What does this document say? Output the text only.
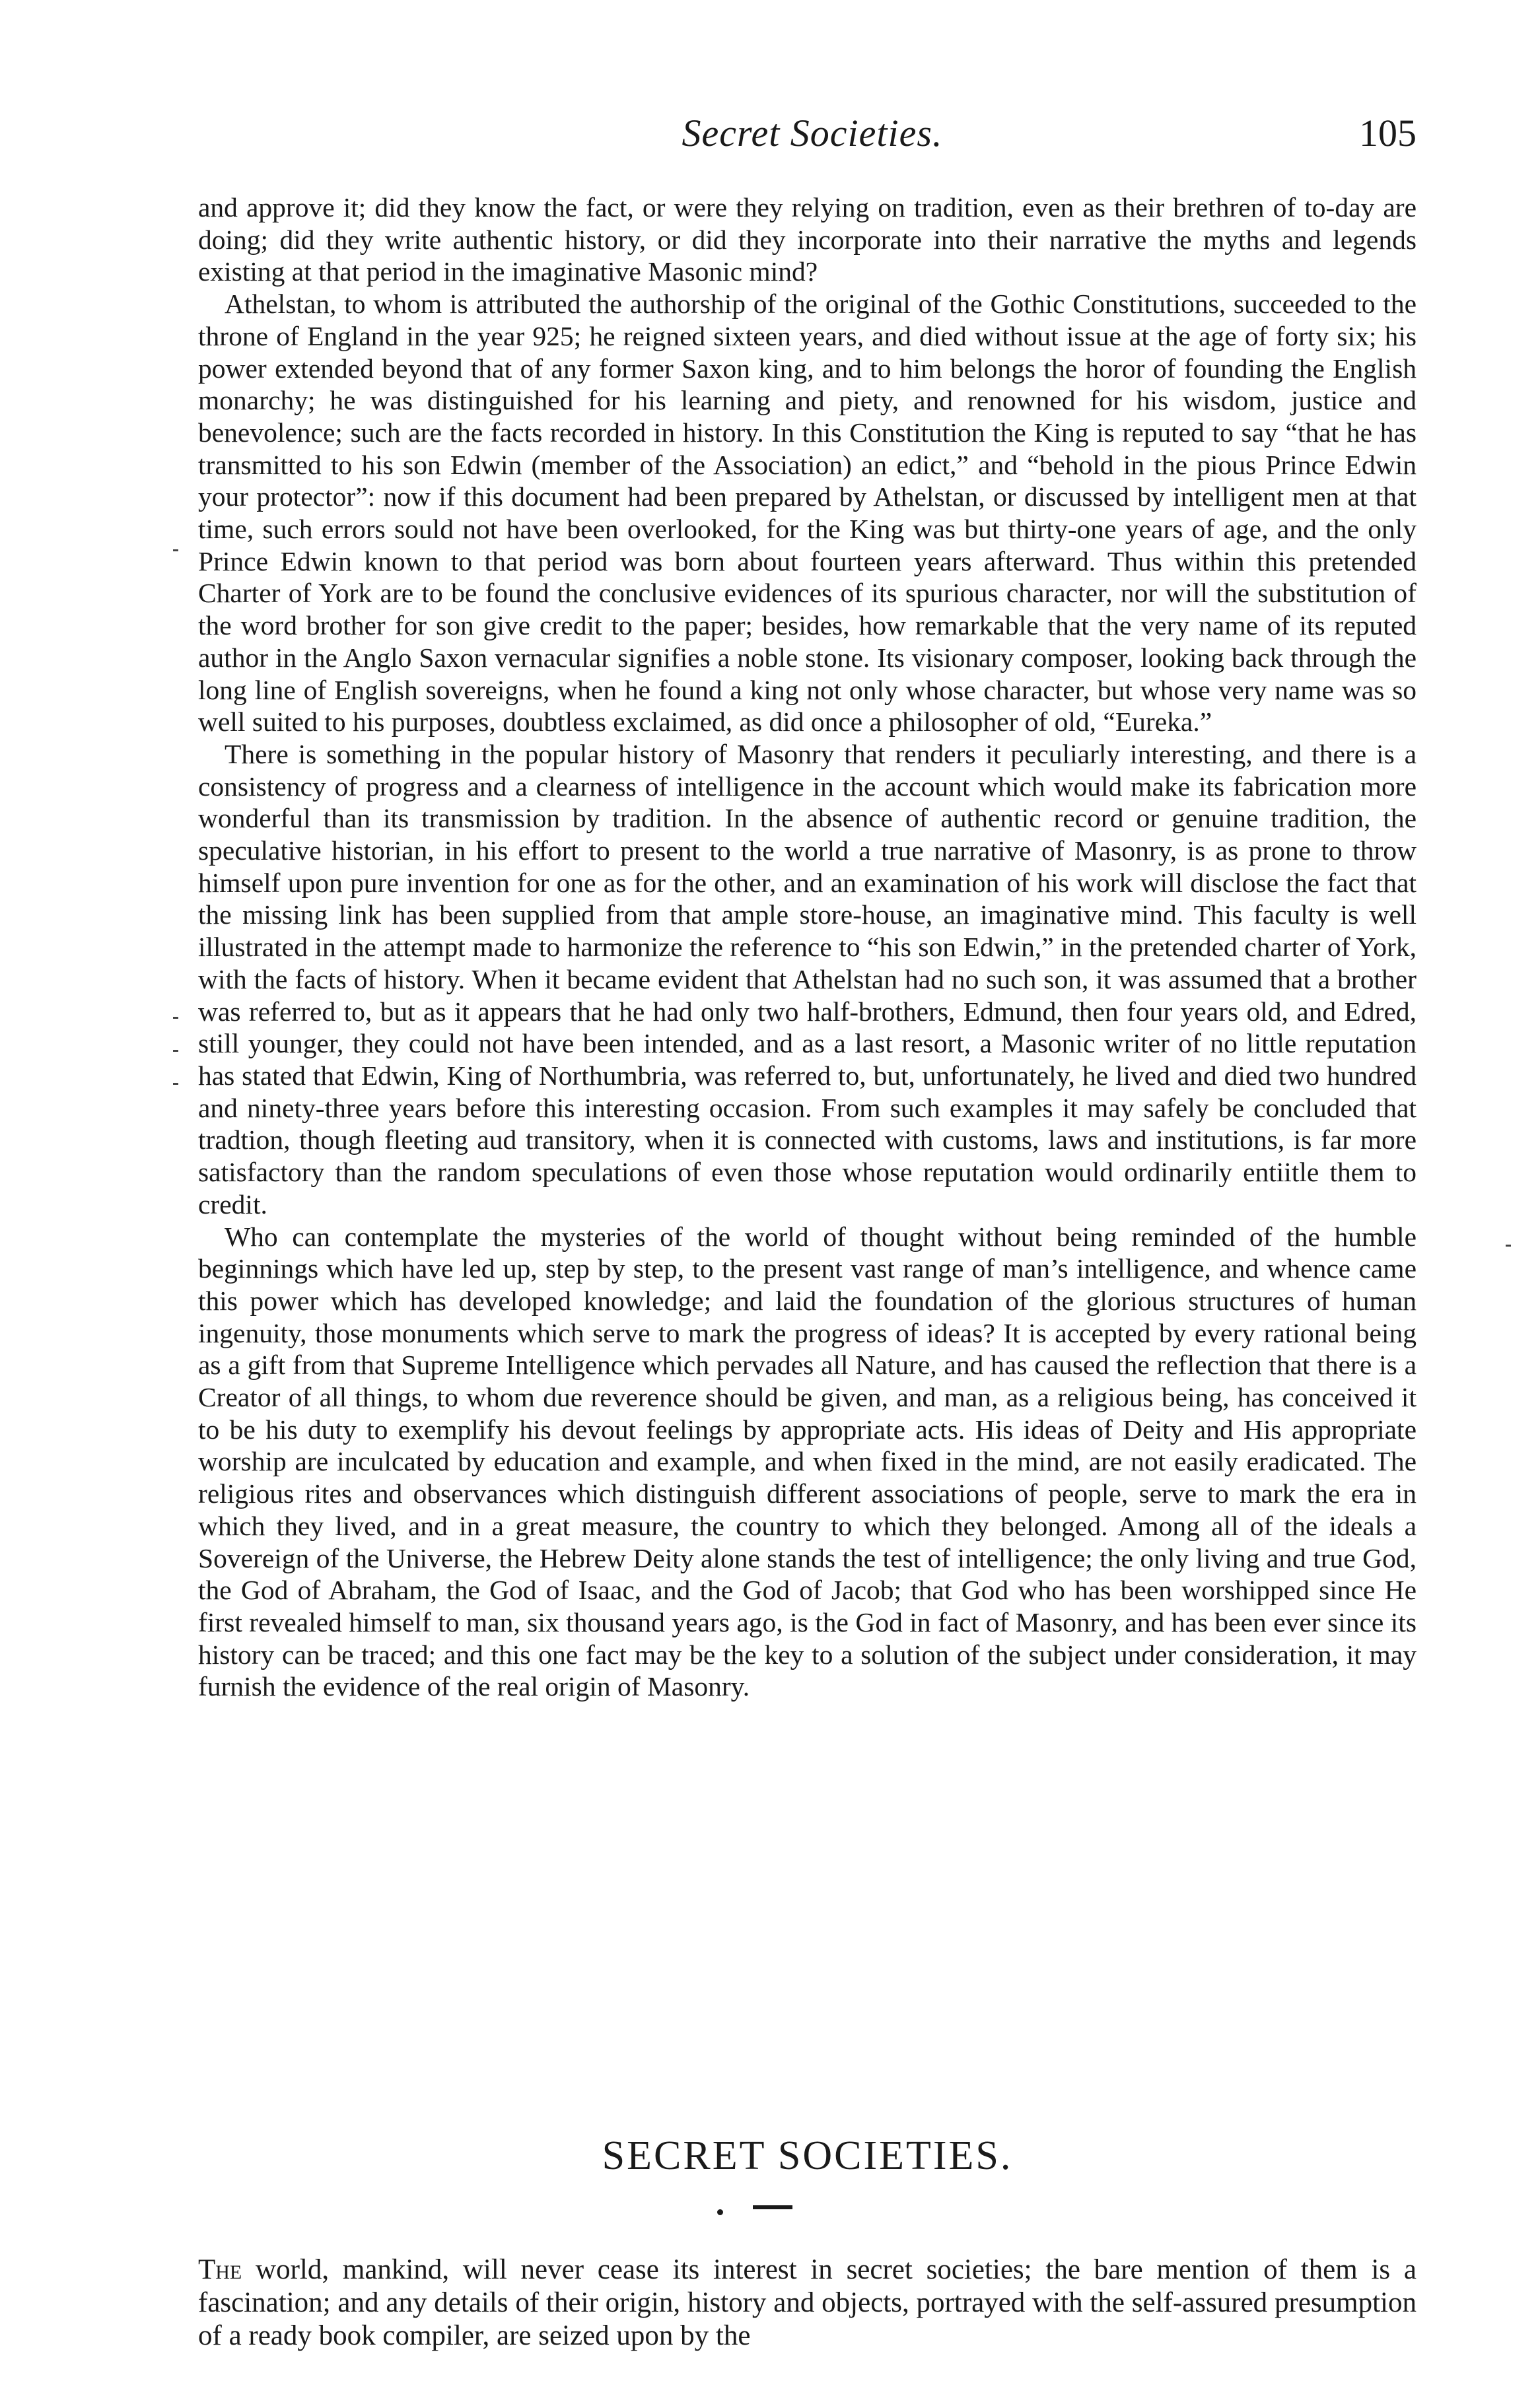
Secret Societies.	105

and approve it; did they know the fact, or were they relying on tradition, even as their brethren of to-day are doing; did they write authentic history, or did they incorporate into their narrative the myths and legends existing at that period in the imaginative Masonic mind?

Athelstan, to whom is attributed the authorship of the original of the Gothic Constitutions, succeeded to the throne of England in the year 925; he reigned sixteen years, and died without issue at the age of forty six; his power extended beyond that of any former Saxon king, and to him belongs the horor of founding the English monarchy; he was distinguished for his learning and piety, and renowned for his wisdom, justice and benevolence; such are the facts recorded in history. In this Constitution the King is reputed to say “that he has transmitted to his son Edwin (member of the Association) an edict,” and “behold in the pious Prince Edwin your protector”: now if this document had been prepared by Athelstan, or discussed by intelligent men at that time, such errors sould not have been overlooked, for the King was but thirty-one years of age, and the only Prince Edwin known to that period was born about fourteen years afterward. Thus within this pretended Charter of York are to be found the conclusive evidences of its spurious character, nor will the substitution of the word brother for son give credit to the paper; besides, how remarkable that the very name of its reputed author in the Anglo Saxon vernacular signifies a noble stone. Its visionary composer, looking back through the long line of English sovereigns, when he found a king not only whose character, but whose very name was so well suited to his purposes, doubtless exclaimed, as did once a philosopher of old, “Eureka.”

There is something in the popular history of Masonry that renders it peculiarly interesting, and there is a consistency of progress and a clearness of intelligence in the account which would make its fabrication more wonderful than its transmission by tradition. In the absence of authentic record or genuine tradition, the speculative historian, in his effort to present to the world a true narrative of Masonry, is as prone to throw himself upon pure invention for one as for the other, and an examination of his work will disclose the fact that the missing link has been supplied from that ample store-house, an imaginative mind. This faculty is well illustrated in the attempt made to harmonize the reference to “his son Edwin,” in the pretended charter of York, with the facts of history. When it became evident that Athelstan had no such son, it was assumed that a brother was referred to, but as it appears that he had only two half-brothers, Edmund, then four years old, and Edred, still younger, they could not have been intended, and as a last resort, a Masonic writer of no little reputation has stated that Edwin, King of Northumbria, was referred to, but, unfortunately, he lived and died two hundred and ninety-three years before this interesting occasion. From such examples it may safely be concluded that tradtion, though fleeting aud transitory, when it is connected with customs, laws and institutions, is far more satisfactory than the random speculations of even those whose reputation would ordinarily entiitle them to credit.

Who can contemplate the mysteries of the world of thought without being reminded of the humble beginnings which have led up, step by step, to the present vast range of man’s intelligence, and whence came this power which has developed knowledge; and laid the foundation of the glorious structures of human ingenuity, those monuments which serve to mark the progress of ideas? It is accepted by every rational being as a gift from that Supreme Intelligence which pervades all Nature, and has caused the reflection that there is a Creator of all things, to whom due reverence should be given, and man, as a religious being, has conceived it to be his duty to exemplify his devout feelings by appropriate acts. His ideas of Deity and His appropriate worship are inculcated by education and example, and when fixed in the mind, are not easily eradicated. The religious rites and observances which distinguish different associations of people, serve to mark the era in which they lived, and in a great measure, the country to which they belonged. Among all of the ideals a Sovereign of the Universe, the Hebrew Deity alone stands the test of intelligence; the only living and true God, the God of Abraham, the God of Isaac, and the God of Jacob; that God who has been worshipped since He first revealed himself to man, six thousand years ago, is the God in fact of Masonry, and has been ever since its history can be traced; and this one fact may be the key to a solution of the subject under consideration, it may furnish the evidence of the real origin of Masonry.

SECRET SOCIETIES.

The world, mankind, will never cease its interest in secret societies; the bare mention of them is a fascination; and any details of their origin, history and objects, portrayed with the self-assured presumption of a ready book compiler, are seized upon by the
